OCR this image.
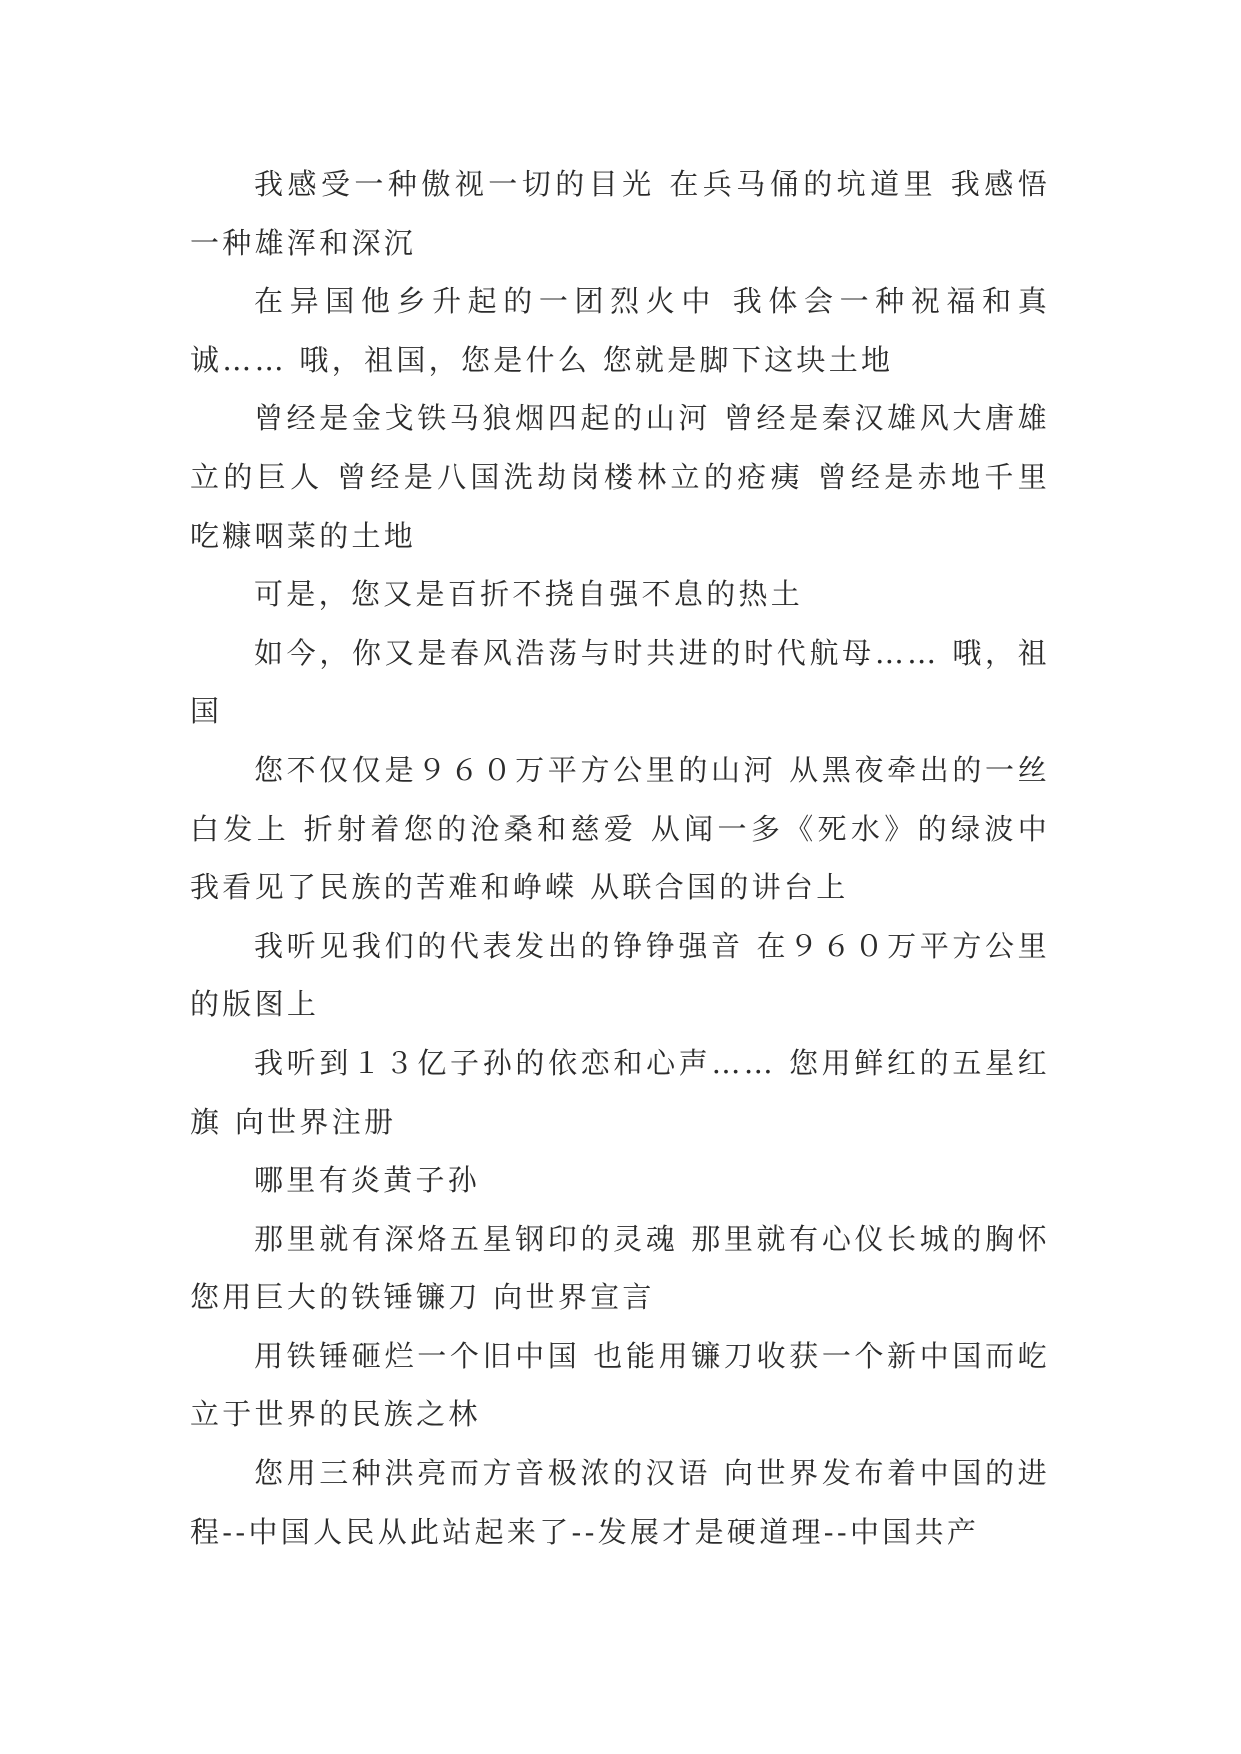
我感受一种傲视一切的目光 在兵马俑的坑道里 我感悟一种雄浑和深沉

在异国他乡升起的一团烈火中 我体会一种祝福和真诚…… 哦，祖国，您是什么 您就是脚下这块土地

曾经是金戈铁马狼烟四起的山河 曾经是秦汉雄风大唐雄立的巨人 曾经是八国洗劫岗楼林立的疮痍 曾经是赤地千里吃糠咽菜的土地

可是，您又是百折不挠自强不息的热土

如今，你又是春风浩荡与时共进的时代航母…… 哦，祖国

您不仅仅是９６０万平方公里的山河 从黑夜牵出的一丝白发上 折射着您的沧桑和慈爱 从闻一多《死水》的绿波中 我看见了民族的苦难和峥嵘 从联合国的讲台上

我听见我们的代表发出的铮铮强音 在９６０万平方公里的版图上

我听到１３亿子孙的依恋和心声…… 您用鲜红的五星红旗 向世界注册

哪里有炎黄子孙

那里就有深烙五星钢印的灵魂 那里就有心仪长城的胸怀 您用巨大的铁锤镰刀 向世界宣言

用铁锤砸烂一个旧中国 也能用镰刀收获一个新中国而屹立于世界的民族之林

您用三种洪亮而方音极浓的汉语 向世界发布着中国的进程--中国人民从此站起来了--发展才是硬道理--中国共产
